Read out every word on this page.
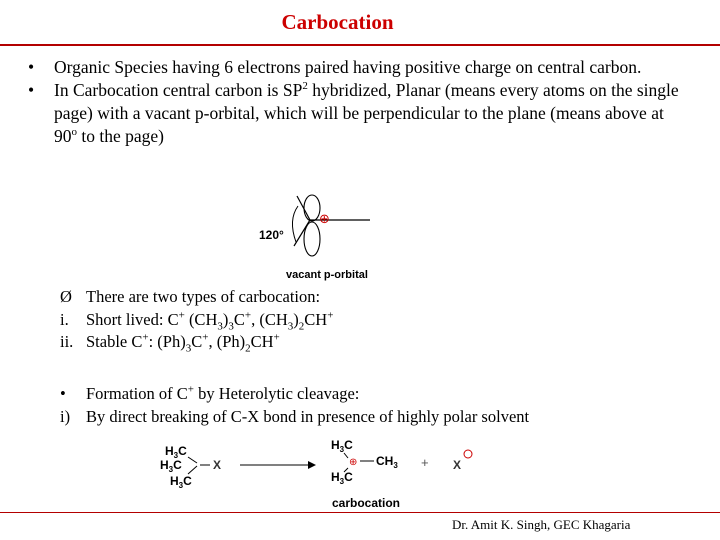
Carbocation
•	Organic Species having 6 electrons paired having positive charge on central carbon.
•	In Carbocation central carbon is $SP^2$ hybridized, Planar (means every atoms on the single page) with a vacant p-orbital, which will be perpendicular to the plane (means above at 90$^o$ to the page)
⊕
120°
vacant p-orbital
Ø There are two types of carbocation:
i.	Short lived: C+ $(CH_3)_3C^+$, $(CH_3)_2CH^+$
ii. Stable C+: $(Ph)_3C^+$, $(Ph)_2CH^+$
•	Formation of C+ by Heterolytic cleavage:
i) By direct breaking of C-X bond in presence of highly polar solvent
$H_3C$
$H_3C$
$H_3C$
X
$H_3C$
⊕ $CH_3$
$H_3C$
+ X
carbocation
Dr. Amit K. Singh, GEC Khagaria
